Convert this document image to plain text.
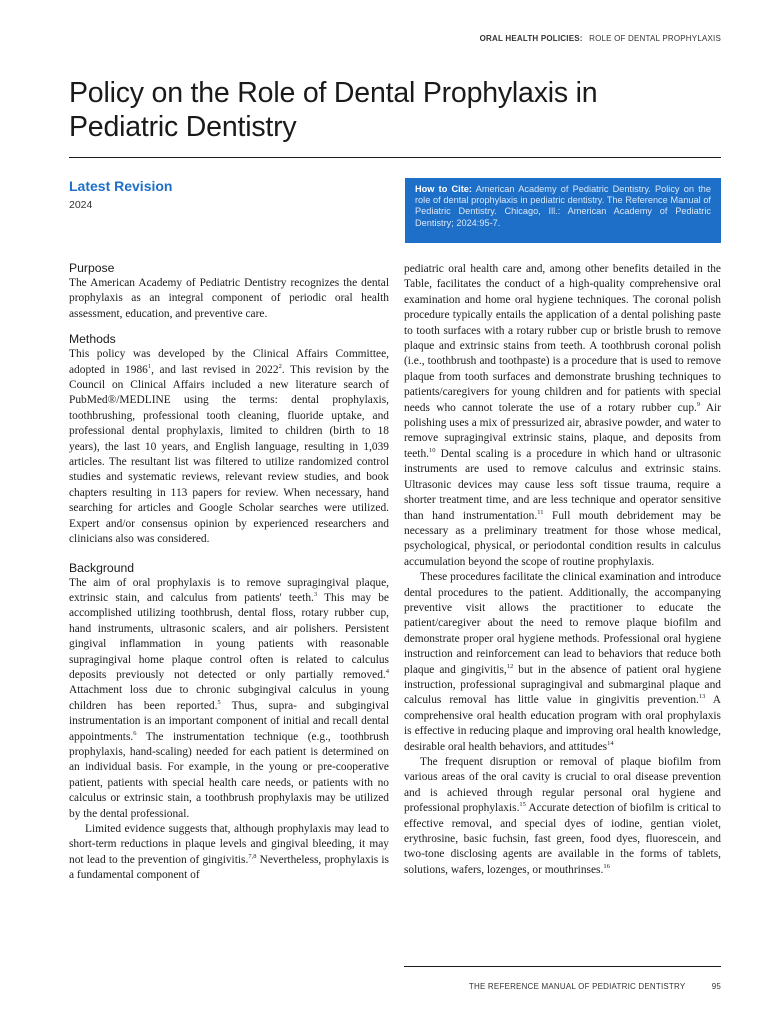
ORAL HEALTH POLICIES: ROLE OF DENTAL PROPHYLAXIS
Policy on the Role of Dental Prophylaxis in Pediatric Dentistry
Latest Revision
2024
How to Cite: American Academy of Pediatric Dentistry. Policy on the role of dental prophylaxis in pediatric dentistry. The Reference Manual of Pediatric Dentistry. Chicago, Ill.: American Academy of Pediatric Dentistry; 2024:95-7.
Purpose

The American Academy of Pediatric Dentistry recognizes the dental prophylaxis as an integral component of periodic oral health assessment, education, and preventive care.

Methods

This policy was developed by the Clinical Affairs Committee, adopted in 1986$^1$, and last revised in 2022$^2$. This revision by the Council on Clinical Affairs included a new literature search of PubMed®/MEDLINE using the terms: dental prophylaxis, toothbrushing, professional tooth cleaning, fluoride uptake, and professional dental prophylaxis, limited to children (birth to 18 years), the last 10 years, and English language, resulting in 1,039 articles. The resultant list was filtered to utilize randomized control studies and systematic reviews, relevant review studies, and book chapters resulting in 113 papers for review. When necessary, hand searching for articles and Google Scholar searches were utilized. Expert and/or consensus opinion by experienced researchers and clinicians also was considered.

Background

The aim of oral prophylaxis is to remove supragingival plaque, extrinsic stain, and calculus from patients' teeth.$^3$ This may be accomplished utilizing toothbrush, dental floss, rotary rubber cup, hand instruments, ultrasonic scalers, and air polishers. Persistent gingival inflammation in young patients with reasonable supragingival home plaque control often is related to calculus deposits previously not detected or only partially removed.$^4$ Attachment loss due to chronic subgingival calculus in young children has been reported.$^5$ Thus, supra- and subgingival instrumentation is an important component of initial and recall dental appointments.$^6$ The instrumentation technique (e.g., toothbrush prophylaxis, hand-scaling) needed for each patient is determined on an individual basis. For example, in the young or pre-cooperative patient, patients with special health care needs, or patients with no calculus or extrinsic stain, a toothbrush prophylaxis may be utilized by the dental professional.

Limited evidence suggests that, although prophylaxis may lead to short-term reductions in plaque levels and gingival bleeding, it may not lead to the prevention of gingivitis.$^{7,8}$ Nevertheless, prophylaxis is a fundamental component of

pediatric oral health care and, among other benefits detailed in the Table, facilitates the conduct of a high-quality comprehensive oral examination and home oral hygiene techniques. The coronal polish procedure typically entails the application of a dental polishing paste to tooth surfaces with a rotary rubber cup or bristle brush to remove plaque and extrinsic stains from teeth. A toothbrush coronal polish (i.e., toothbrush and toothpaste) is a procedure that is used to remove plaque from tooth surfaces and demonstrate brushing techniques to patients/caregivers for young children and for patients with special needs who cannot tolerate the use of a rotary rubber cup.$^9$ Air polishing uses a mix of pressurized air, abrasive powder, and water to remove supragingival extrinsic stains, plaque, and deposits from teeth.$^{10}$ Dental scaling is a procedure in which hand or ultrasonic instruments are used to remove calculus and extrinsic stains. Ultrasonic devices may cause less soft tissue trauma, require a shorter treatment time, and are less technique and operator sensitive than hand instrumentation.$^{11}$ Full mouth debridement may be necessary as a preliminary treatment for those whose medical, psychological, physical, or periodontal condition results in calculus accumulation beyond the scope of routine prophylaxis.

These procedures facilitate the clinical examination and introduce dental procedures to the patient. Additionally, the accompanying preventive visit allows the practitioner to educate the patient/caregiver about the need to remove plaque biofilm and demonstrate proper oral hygiene methods. Professional oral hygiene instruction and reinforcement can lead to behaviors that reduce both plaque and gingivitis,$^{12}$ but in the absence of patient oral hygiene instruction, professional supragingival and submarginal plaque and calculus removal has little value in gingivitis prevention.$^{13}$ A comprehensive oral health education program with oral prophylaxis is effective in reducing plaque and improving oral health knowledge, desirable oral health behaviors, and attitudes$^{14}$

The frequent disruption or removal of plaque biofilm from various areas of the oral cavity is crucial to oral disease prevention and is achieved through regular personal oral hygiene and professional prophylaxis.$^{15}$ Accurate detection of biofilm is critical to effective removal, and special dyes of iodine, gentian violet, erythrosine, basic fuchsin, fast green, food dyes, fluorescein, and two-tone disclosing agents are available in the forms of tablets, solutions, wafers, lozenges, or mouthrinses.$^{16}$

THE REFERENCE MANUAL OF PEDIATRIC DENTISTRY	95
